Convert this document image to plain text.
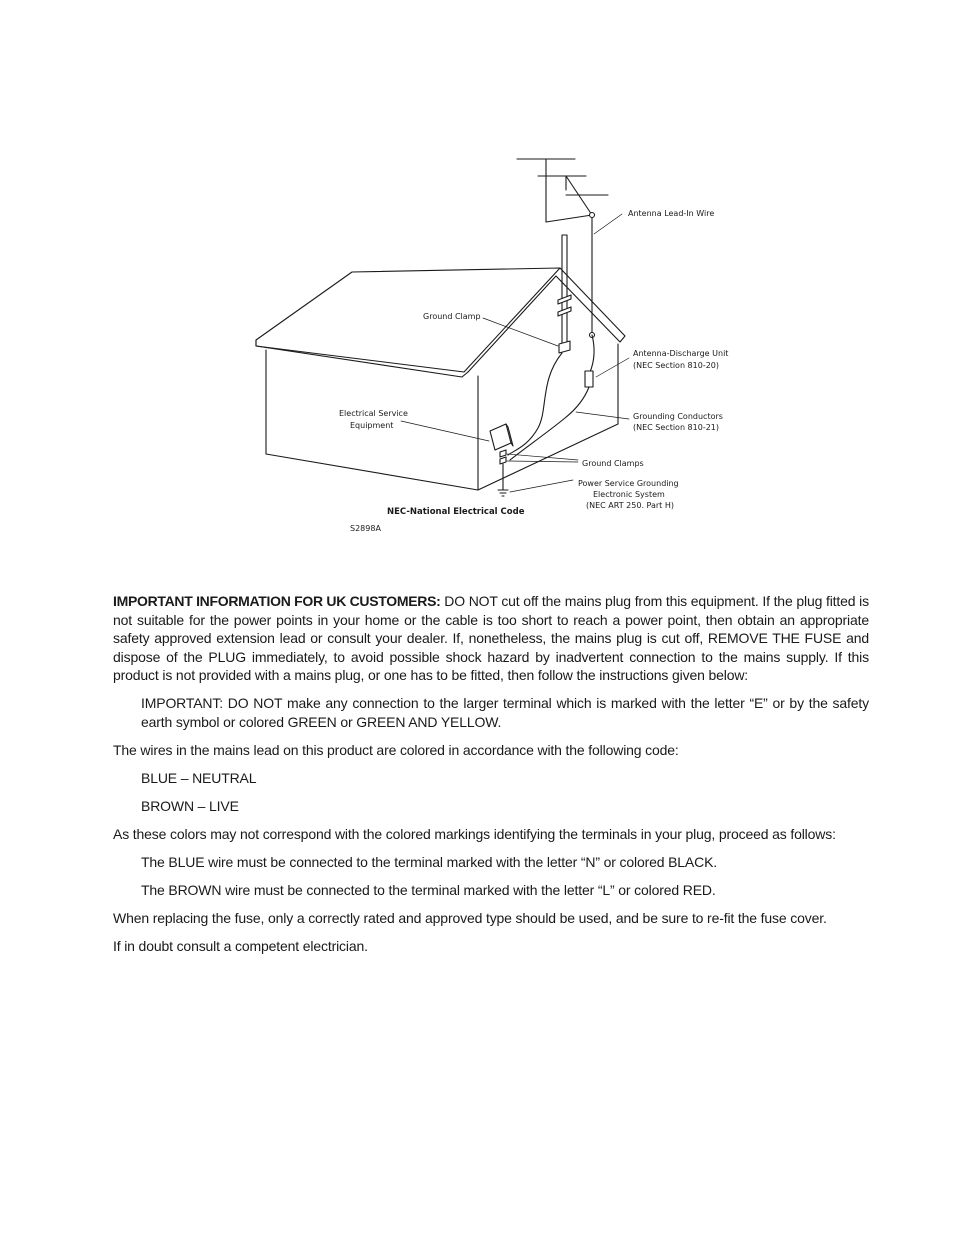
Antenna Lead-In Wire
Ground Clamp
Antenna-Discharge Unit
(NEC Section 810-20)
Electrical Service
Equipment
Grounding Conductors
(NEC Section 810-21)
Ground Clamps
Power Service Grounding
Electronic System
(NEC ART 250. Part H)
NEC-National Electrical Code
S2898A

IMPORTANT INFORMATION FOR UK CUSTOMERS: DO NOT cut off the mains plug from this equipment. If the plug fitted is not suitable for the power points in your home or the cable is too short to reach a power point, then obtain an appropriate safety approved extension lead or consult your dealer. If, nonetheless, the mains plug is cut off, REMOVE THE FUSE and dispose of the PLUG immediately, to avoid possible shock hazard by inadvertent connection to the mains supply. If this product is not provided with a mains plug, or one has to be fitted, then follow the instructions given below:

IMPORTANT: DO NOT make any connection to the larger terminal which is marked with the letter “E” or by the safety earth symbol or colored GREEN or GREEN AND YELLOW.

The wires in the mains lead on this product are colored in accordance with the following code:

BLUE – NEUTRAL

BROWN – LIVE

As these colors may not correspond with the colored markings identifying the terminals in your plug, proceed as follows:

The BLUE wire must be connected to the terminal marked with the letter “N” or colored BLACK.

The BROWN wire must be connected to the terminal marked with the letter “L” or colored RED.

When replacing the fuse, only a correctly rated and approved type should be used, and be sure to re-fit the fuse cover.

If in doubt consult a competent electrician.
